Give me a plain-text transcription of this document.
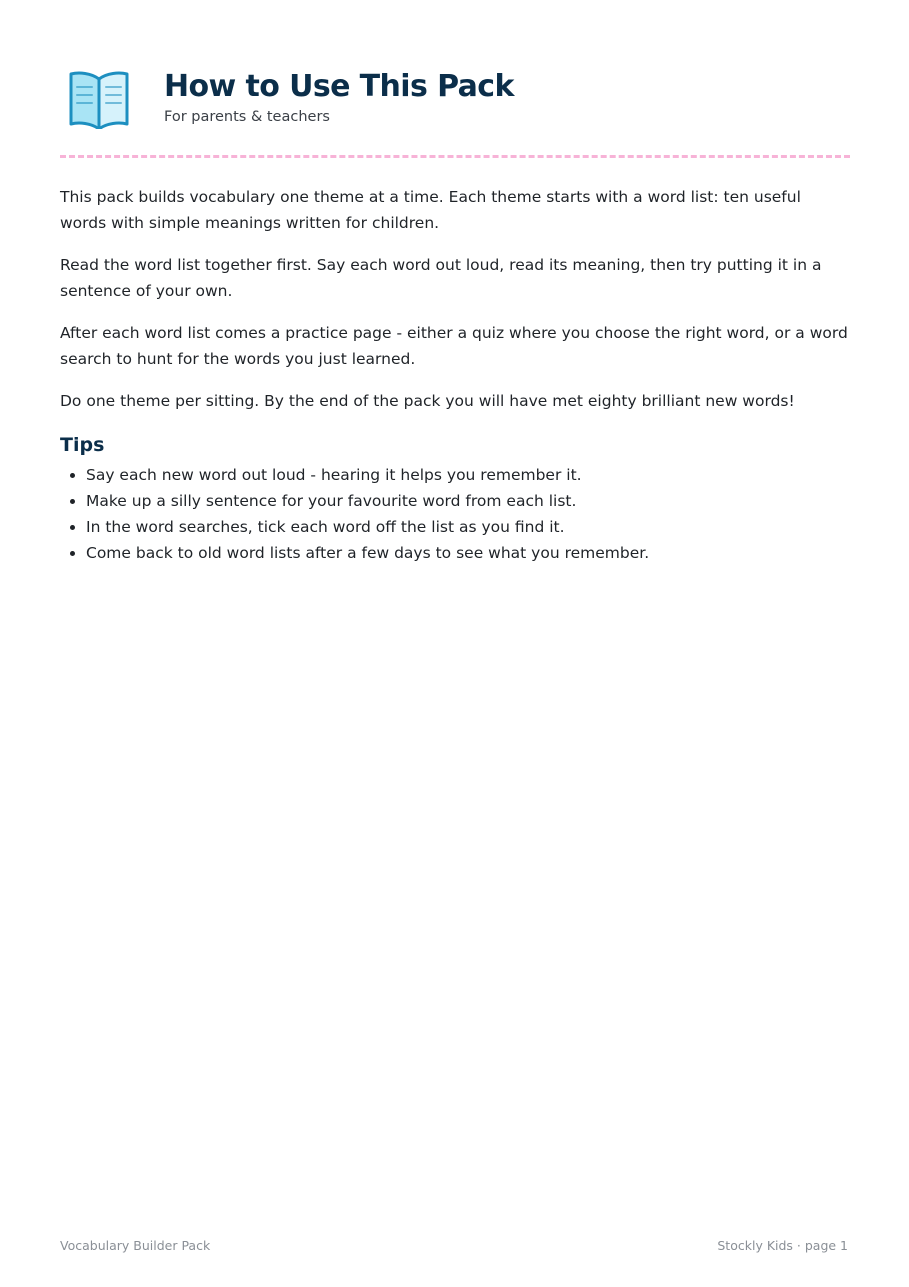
How to Use This Pack
For parents & teachers

This pack builds vocabulary one theme at a time. Each theme starts with a word list: ten useful words with simple meanings written for children.

Read the word list together first. Say each word out loud, read its meaning, then try putting it in a sentence of your own.

After each word list comes a practice page - either a quiz where you choose the right word, or a word search to hunt for the words you just learned.

Do one theme per sitting. By the end of the pack you will have met eighty brilliant new words!

Tips
• Say each new word out loud - hearing it helps you remember it.
• Make up a silly sentence for your favourite word from each list.
• In the word searches, tick each word off the list as you find it.
• Come back to old word lists after a few days to see what you remember.
Vocabulary Builder Pack	Stockly Kids · page 1
